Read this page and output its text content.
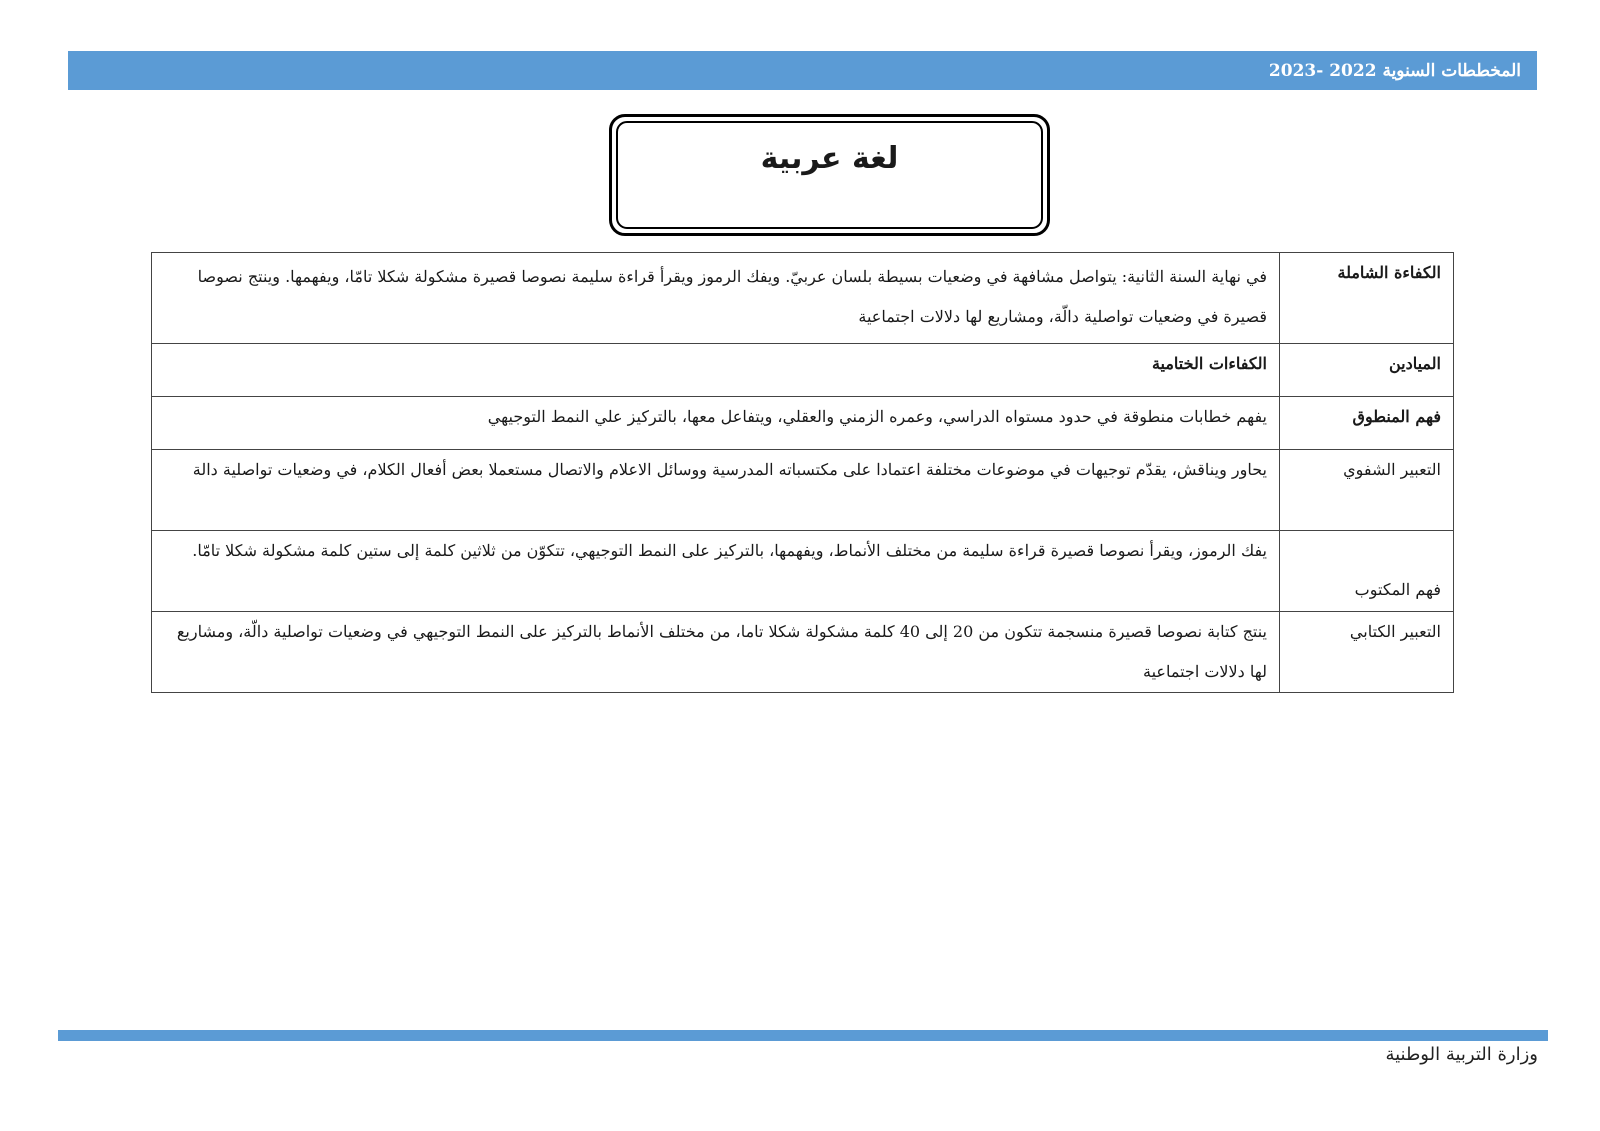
المخططات السنوية 2022 -2023
لغة عربية
الكفاءة الشاملة	في نهاية السنة الثانية: يتواصل مشافهة في وضعيات بسيطة بلسان عربيّ. ويفك الرموز ويقرأ قراءة سليمة نصوصا قصيرة مشكولة شكلا تامّا، ويفهمها. وينتج نصوصا قصيرة في وضعيات تواصلية دالّة، ومشاريع لها دلالات اجتماعية
الميادين	الكفاءات الختامية
فهم المنطوق	يفهم خطابات منطوقة في حدود مستواه الدراسي، وعمره الزمني والعقلي، ويتفاعل معها، بالتركيز علي النمط التوجيهي
التعبير الشفوي	يحاور ويناقش، يقدّم توجيهات في موضوعات مختلفة اعتمادا على مكتسباته المدرسية ووسائل الاعلام والاتصال مستعملا بعض أفعال الكلام، في وضعيات تواصلية دالة
فهم المكتوب	يفك الرموز، ويقرأ نصوصا قصيرة قراءة سليمة من مختلف الأنماط، ويفهمها، بالتركيز على النمط التوجيهي، تتكوّن من ثلاثين كلمة إلى ستين كلمة مشكولة شكلا تامّا.
التعبير الكتابي	ينتج كتابة نصوصا قصيرة منسجمة تتكون من 20 إلى 40 كلمة مشكولة شكلا تاما، من مختلف الأنماط بالتركيز على النمط التوجيهي في وضعيات تواصلية دالّة، ومشاريع لها دلالات اجتماعية
وزارة التربية الوطنية
